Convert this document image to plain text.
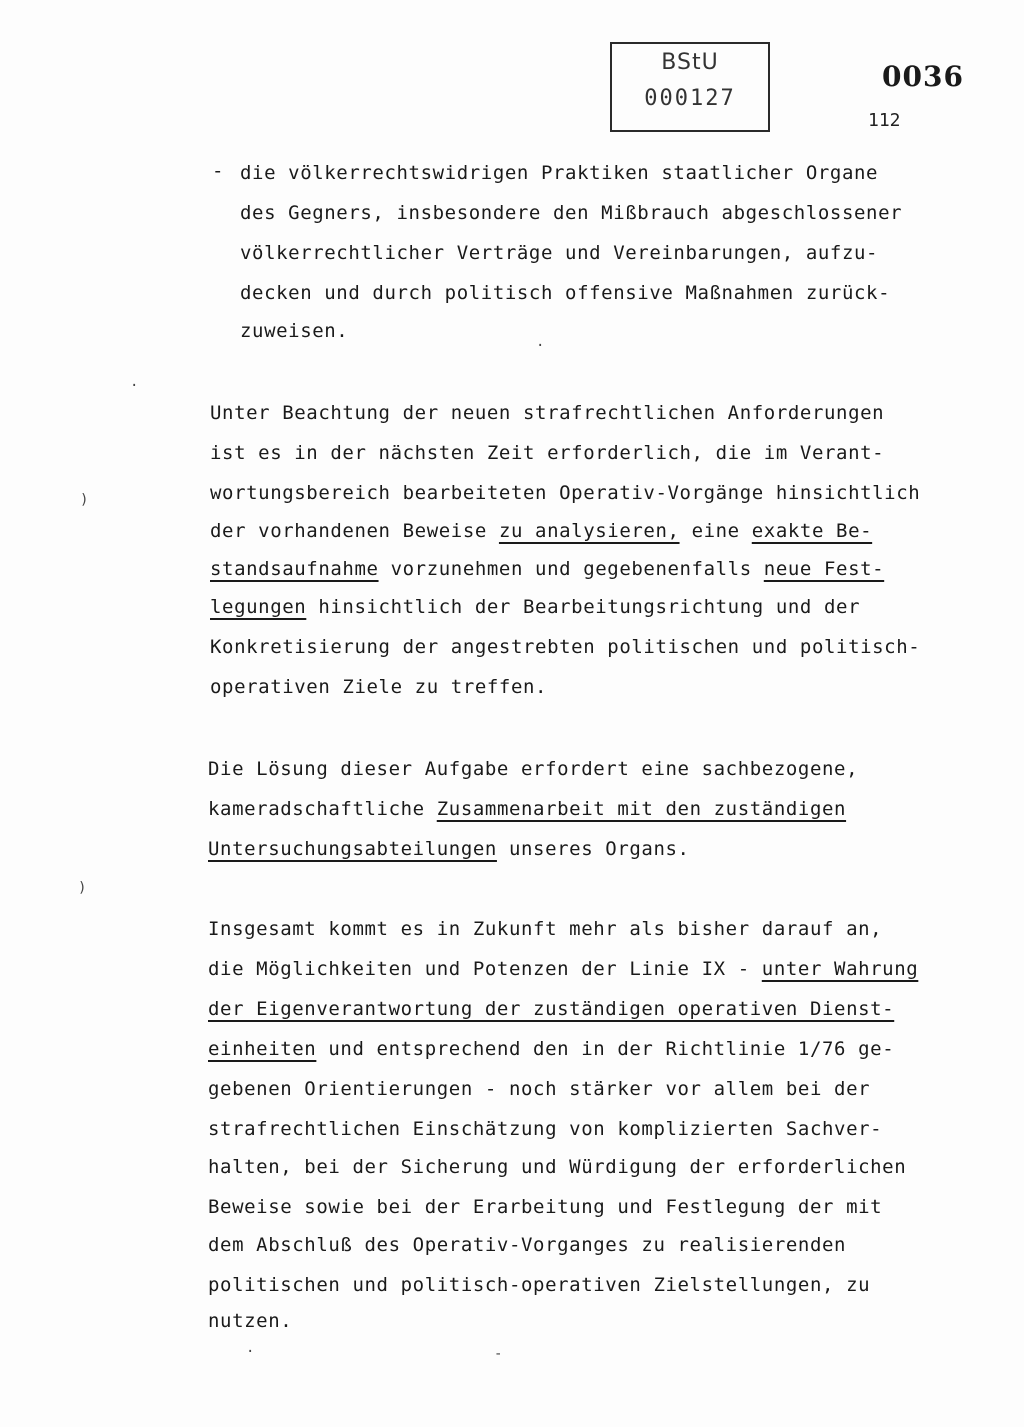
BStU
000127
0036
112
- die völkerrechtswidrigen Praktiken staatlicher Organe
des Gegners, insbesondere den Mißbrauch abgeschlossener
völkerrechtlicher Verträge und Vereinbarungen, aufzu-
decken und durch politisch offensive Maßnahmen zurück-
zuweisen.
Unter Beachtung der neuen strafrechtlichen Anforderungen
ist es in der nächsten Zeit erforderlich, die im Verant-
wortungsbereich bearbeiteten Operativ-Vorgänge hinsichtlich
der vorhandenen Beweise zu analysieren, eine exakte Be-
standsaufnahme vorzunehmen und gegebenenfalls neue Fest-
legungen hinsichtlich der Bearbeitungsrichtung und der
Konkretisierung der angestrebten politischen und politisch-
operativen Ziele zu treffen.
Die Lösung dieser Aufgabe erfordert eine sachbezogene,
kameradschaftliche Zusammenarbeit mit den zuständigen
Untersuchungsabteilungen unseres Organs.
Insgesamt kommt es in Zukunft mehr als bisher darauf an,
die Möglichkeiten und Potenzen der Linie IX - unter Wahrung
der Eigenverantwortung der zuständigen operativen Dienst-
einheiten und entsprechend den in der Richtlinie 1/76 ge-
gebenen Orientierungen - noch stärker vor allem bei der
strafrechtlichen Einschätzung von komplizierten Sachver-
halten, bei der Sicherung und Würdigung der erforderlichen
Beweise sowie bei der Erarbeitung und Festlegung der mit
dem Abschluß des Operativ-Vorganges zu realisierenden
politischen und politisch-operativen Zielstellungen, zu
nutzen.
·
)
)
·
-
·
